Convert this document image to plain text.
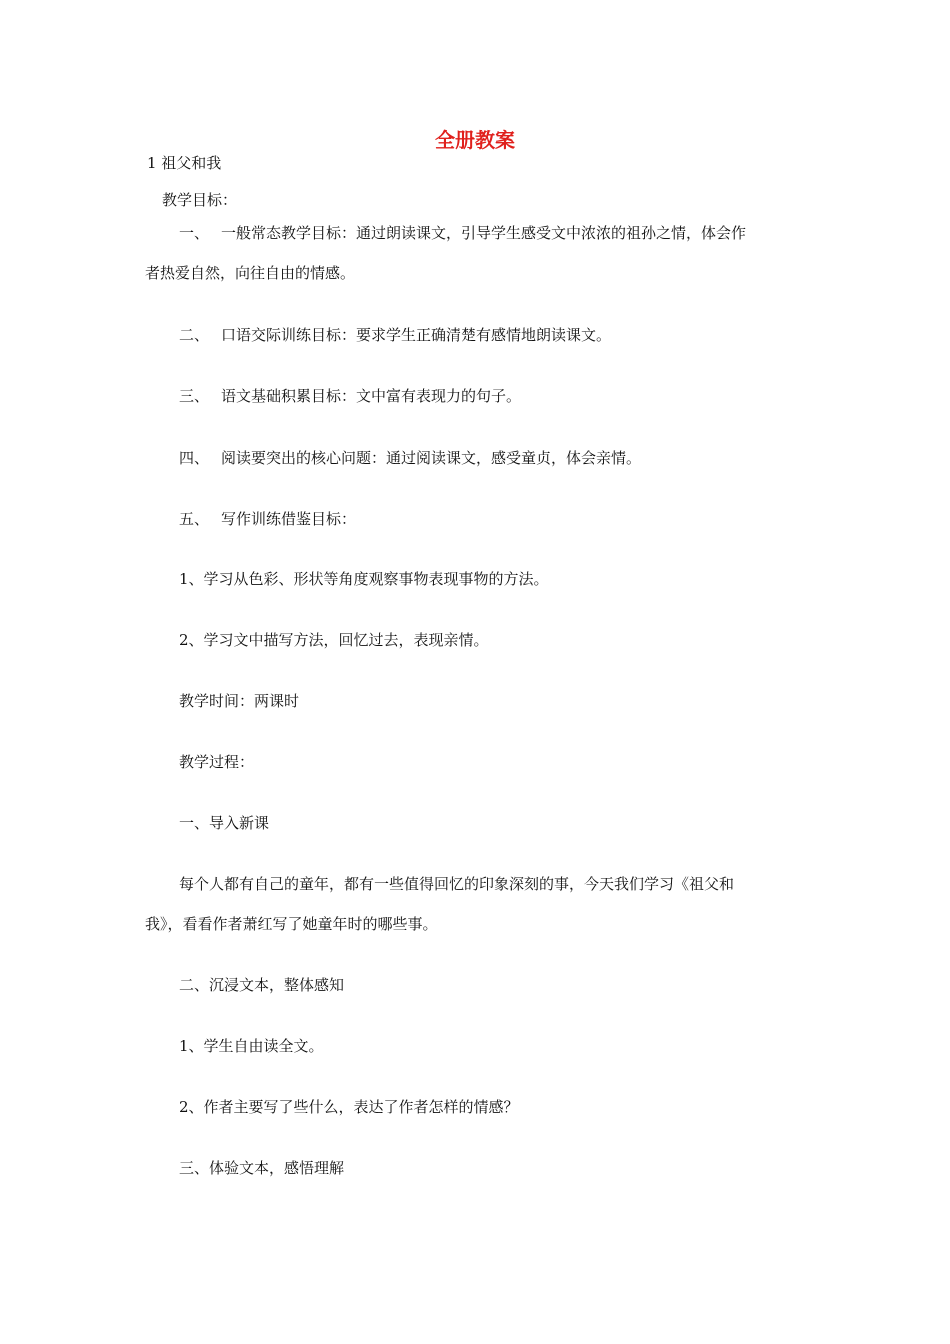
全册教案
1 祖父和我
教学目标：
一、 一般常态教学目标：通过朗读课文，引导学生感受文中浓浓的祖孙之情，体会作
者热爱自然，向往自由的情感。
二、 口语交际训练目标：要求学生正确清楚有感情地朗读课文。
三、 语文基础积累目标：文中富有表现力的句子。
四、 阅读要突出的核心问题：通过阅读课文，感受童贞，体会亲情。
五、 写作训练借鉴目标：
1、学习从色彩、形状等角度观察事物表现事物的方法。
2、学习文中描写方法，回忆过去，表现亲情。
教学时间：两课时
教学过程：
一、导入新课
每个人都有自己的童年，都有一些值得回忆的印象深刻的事，今天我们学习《祖父和
我》，看看作者萧红写了她童年时的哪些事。
二、沉浸文本，整体感知
1、学生自由读全文。
2、作者主要写了些什么，表达了作者怎样的情感？
三、体验文本，感悟理解
